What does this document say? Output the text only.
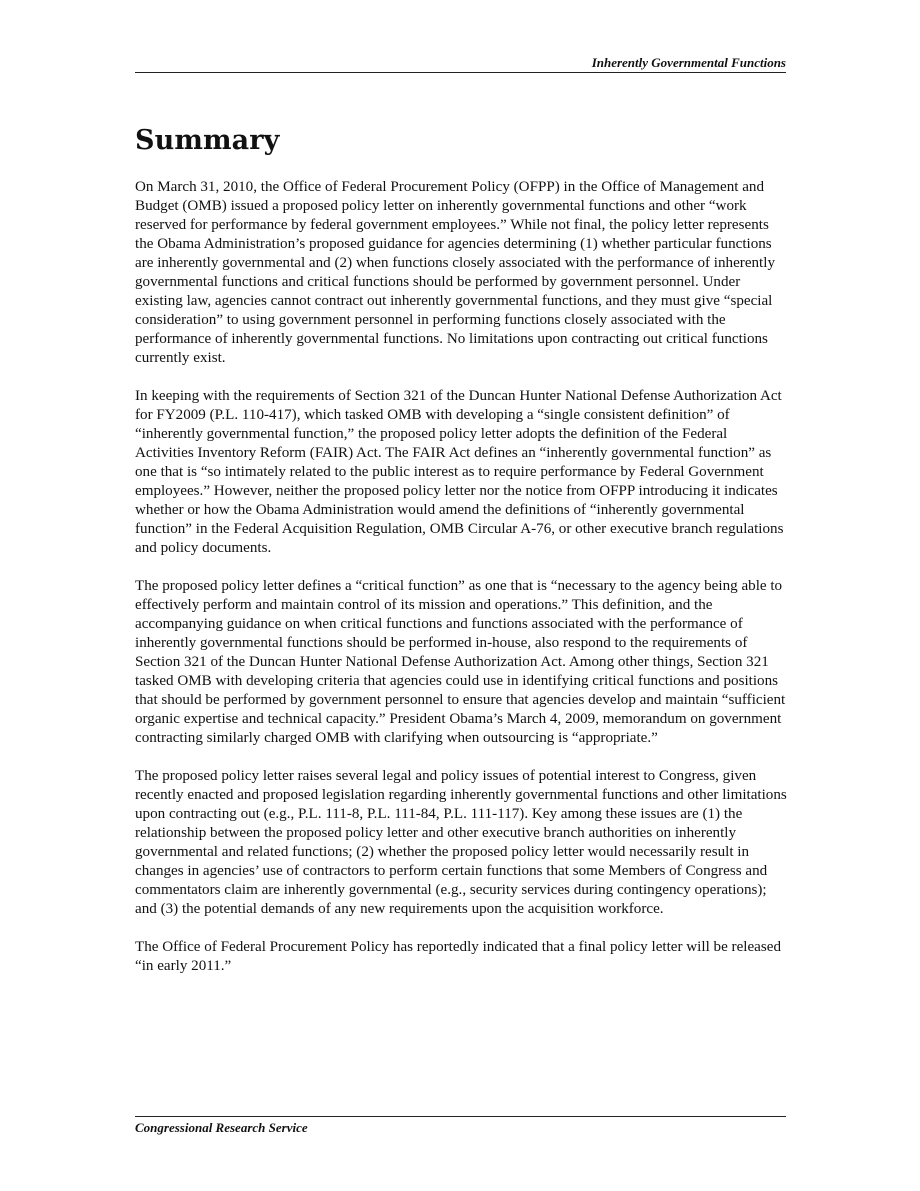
Inherently Governmental Functions
Summary

On March 31, 2010, the Office of Federal Procurement Policy (OFPP) in the Office of Management and Budget (OMB) issued a proposed policy letter on inherently governmental functions and other “work reserved for performance by federal government employees.” While not final, the policy letter represents the Obama Administration’s proposed guidance for agencies determining (1) whether particular functions are inherently governmental and (2) when functions closely associated with the performance of inherently governmental functions and critical functions should be performed by government personnel. Under existing law, agencies cannot contract out inherently governmental functions, and they must give “special consideration” to using government personnel in performing functions closely associated with the performance of inherently governmental functions. No limitations upon contracting out critical functions currently exist.

In keeping with the requirements of Section 321 of the Duncan Hunter National Defense Authorization Act for FY2009 (P.L. 110-417), which tasked OMB with developing a “single consistent definition” of “inherently governmental function,” the proposed policy letter adopts the definition of the Federal Activities Inventory Reform (FAIR) Act. The FAIR Act defines an “inherently governmental function” as one that is “so intimately related to the public interest as to require performance by Federal Government employees.” However, neither the proposed policy letter nor the notice from OFPP introducing it indicates whether or how the Obama Administration would amend the definitions of “inherently governmental function” in the Federal Acquisition Regulation, OMB Circular A-76, or other executive branch regulations and policy documents.

The proposed policy letter defines a “critical function” as one that is “necessary to the agency being able to effectively perform and maintain control of its mission and operations.” This definition, and the accompanying guidance on when critical functions and functions associated with the performance of inherently governmental functions should be performed in-house, also respond to the requirements of Section 321 of the Duncan Hunter National Defense Authorization Act. Among other things, Section 321 tasked OMB with developing criteria that agencies could use in identifying critical functions and positions that should be performed by government personnel to ensure that agencies develop and maintain “sufficient organic expertise and technical capacity.” President Obama’s March 4, 2009, memorandum on government contracting similarly charged OMB with clarifying when outsourcing is “appropriate.”

The proposed policy letter raises several legal and policy issues of potential interest to Congress, given recently enacted and proposed legislation regarding inherently governmental functions and other limitations upon contracting out (e.g., P.L. 111-8, P.L. 111-84, P.L. 111-117). Key among these issues are (1) the relationship between the proposed policy letter and other executive branch authorities on inherently governmental and related functions; (2) whether the proposed policy letter would necessarily result in changes in agencies’ use of contractors to perform certain functions that some Members of Congress and commentators claim are inherently governmental (e.g., security services during contingency operations); and (3) the potential demands of any new requirements upon the acquisition workforce.

The Office of Federal Procurement Policy has reportedly indicated that a final policy letter will be released “in early 2011.”

Congressional Research Service
